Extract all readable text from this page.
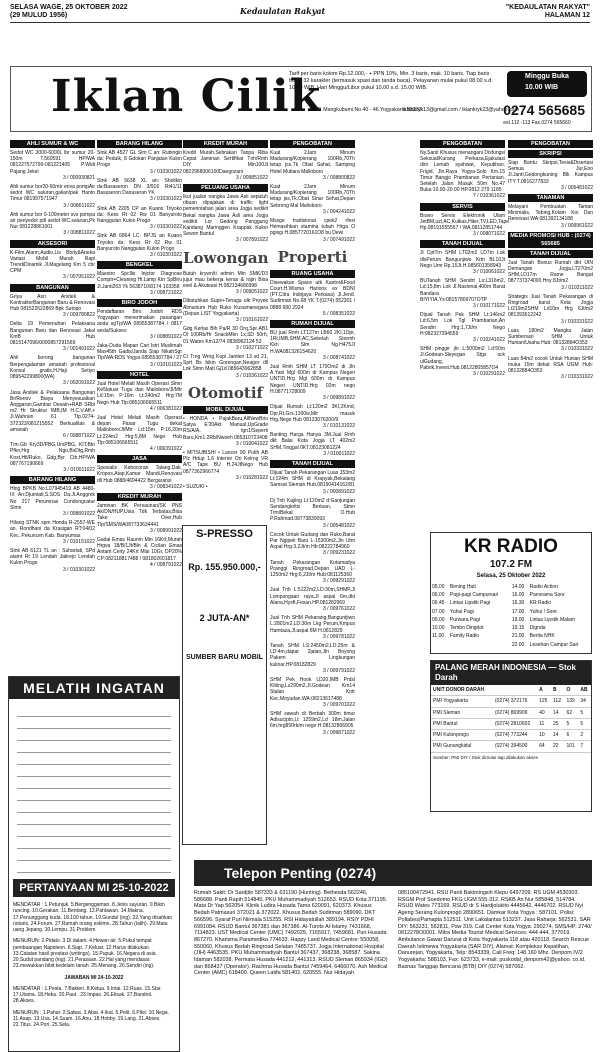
SELASA WAGE, 25 OKTOBER 2022
(29 MULUD 1956)	Kedaulatan Rakyat	"KEDAULATAN RAKYAT"
HALAMAN 12
Iklan Cilik
Tarif per baris kolom Rp.12.000,- + PPN 10%, Min. 3 baris, mak. 10 baris. Tiap baris berisi 32 karakter (termasuk spasi dan tanda baca). Pelayanan mulai pukul 08.00 s.d. 10.00 WIB. Hari Minggu/Libur pukul 10.00 s.d. 15.00 WIB.
Minggu Buka 10.00 WIB
Jl. P. Mangkubumi No.40 - 46 Yogyakarta 55232
iklankryk13@gmail.com / iklankryk23@yahoo.com
0274 565685
ext.112 -113 Fax.0274 565660
AHLI SUMUR & WC
Sedot WC 3000-6000L lbr sumur 20-150m T.560591 HP/WA 081227572790-081221405 P.Widi Pajang Jekel
3 / 000930821
Ahli sumur bor20-60mtr enva pompAir sedot WC saluran,galian/pak Hanto Timur 081997571947
3 / 008611022
Ahli sumur bor 0-100meter svs pompa air penyedot pdl sedot WC,saluran.Pk Nur 081228861001
3 / 008811022
AKSESORI
K-Film,Alarm,Audio,Lis Body&Aneka Variasi Mobil Murah Rapi TrendiDinamik Jl.Magelang Km 5 cbr CPM
3 / 007951022
BANGUNAN
Griya Asri Arsitek & KontraktorBangunan Baru & Renovasi Hub 081522622869 Bpk Sutopo
3 / 009780822
Delta 19 Pemenuhan Pelaksana Bangunan Baru dan Renovasi Jakal KmB Hub 0815147096/0000857291569
3 / 001491022
Ahli borong bangunan Berpengalaman amanah profesional Konsul gratis,H.Haji Setiyo 089542299800(WA)
3 / 002091022
Jasa Arsitek & Pelaksana Bangunan Br/Renov Biaya Menyesuaikan Anggaran,Gambar Desain+RAB SRbi m2 Hr Struktur IMB,IM H.C.V.Aff,+ Ji.Wahrain 61 Tlp.0274-372323/081215552 Berkualitas & amanah
6 / 008871022
Trm.Gb Kry3D/PBG,UrsPBG, KIT,Btn Pfko,Hrg Ngo,BsDtg,Rmh Kost,Htl/Ruko, Gdg,Byr Cth,HP/WA 087767190669
3 / 010011022
BARANG HILANG
Hlng BPKB No:L07945419 AB 4480-IX An:Djumiati,S.SOS Da:Jl.Anggrek No 217 Perumnas Condongcatur Slmn
3 / 008891022
Hilang STNK spm Honda R-2557-WE an. Rondhani da Krasigan RT:04/02 Kec. Pekuncen Kab. Banyumas
3 / 010151022
Stnk AB 6121 TL an : Suhartati, SPd alamt Rt 19 Lendah Jatirejo Lendah Kulon Progo
3 / 010301022
BARANG HILANG
Stnk AB 4527 GL Sim C an: Rubingin da: Pedulk, 8 Gdokan Panjatan Kulon Progo
3 / 010301022
Stnk AB 5638 XL an: Sholikin da:Basaseron DN 3/916 Rt41/11 Basuseron Danuseran YK
3 / 010301022
Stnk AB 2205 CP an Kuano Triyoko da: Kess Rt 02 Rw 01 Banyuroto Nanggulan Kulon Progo
3 / 010301022
Stnk AB 6864 LC. BPJS an Kuano Triyoko da: Kess Rt 02 Rw 01 Banyuroto Nanggulan Kulon Progo
3 / 010301022
BENGKEL
Maestro Spcllis Injctor Diagnose Comptr+Cleaning Hi.Lamp Ktrr SpBiru Jl.Janti263 Yk 5638710\8174 103358
3 / 008721022
BIRO JODOH
Pendaftaran Biro Jodoh RDS Yogyapun menerimakan pasangan anda sgTp/WA 08955387784 / 0817 sesla/Sukses
3 / 008891022
Jaka-Duda Mapan Cari Istri Muslimah Max45th Gadis/Janda Siap NikahSgr Tlp/WA:RDS Yogya 08955387784 / 27
3 / 010161022
HOTEL
Jual Hotel Melati Masih Operasi Slmn Ke5latuar Tugu dan Malioboro/Jl/Mtr Ld:15m P:16m Lt:240m2 Hrg:7M Nego Hub Tlp:085106665511
4 / 006381022
Jual Hotel Melati Masih Operasi depan Pasar Tugu dekat Malioboro/Jl/Mtr Ld:15m P:16,20m Lt:224m2 Hrg:5,8M Nego Hub Tlp:085106665511
4 / 006391022
JASA
Spesialis Kebocoran Talang,Dak, Kropos,Atap,Kamar Mandi,Renovasi dll Hub 0888/4694422 Bergaransi
3 / 008341022
KREDIT MURAH
Jaminan BK Persaunan/SK PNS Ak/DN/HUP,Usia Tdk Terbatas,Bisa Take Over,Hub Tlp/SMS/WA087733634441
3 / 008991022
Gadai Emas Raunm Min 16Krt,Murah Hrgva 18/B/1Jt/Bln & Cicilan Emas Antam Certy 24Krt Mlai 10Gr, DP20% CP:082118817488 / 081802601817
4 / 008791022
KREDIT MURAH
Kredit Murah,Sebrakan Tanpa Riba Cepat Jaminan Sertifikat Tnh/Rmh DIY Min100Jt 0822968006100Daegozani
3 / 009851022
PELUANG USAHA
Ikut jualan nangka Jawa Asli sepuluh ribuan dipajakan di traffic light pemerintahan jalan area Jogja sedikit Bekal nangka Jawa Asli area Jogja sedikit Lor Gedong Panggung Kandang Maringgen Krappak Kulon Sewon Bantul
3 / 007891022
Lowongan
Butuh krywn/ti admin Min SMK/D3 jujur mau bekerja keras & rajin Bisa exel & Akuteasi H.082134686998
3 / 009051022
Dibutuhkan Supir+Tenaga ulk Proyek Almunium Hub Ruko Kusumanegara (Depan LIST Yogyakarta)
3 / 010161022
Gdg Kerlas Blh Pa/R 30 Orq,Spr AB1 Ol 100Rb/Hr SnackMkn 1x,SD 50rh, 01 Wates Km12/74 0838962124 53
3 / 010271022
Cr Trng Wrng Kopi Jamlen 13 sd 21, Sprt Bs bikin Gorengan,Neagor dll Lok Slmn Mati Gj1d 085643962858
3 / 010361022
Otomotif
MOBIL DIJUAL
• HONDA • PajakBaru,AllNewBrio Satya E'20Akt Manual,UpGrade RS/A/A. tgn1/Seperti Baru,Km1.2Rb/Nwoeh 085310723408
3 / 010041022
• MITSUBISHI • Lancer 90 Putih AB Plz Hdup 1.6 Interior Ori Kelrng VR A/C Tape BU H.24JtNego Hub 0877362966774
3 / 010281022
• SUZUKI •
PENGOBATAN
Kuat 2Jam Minum Madurang/Kopierang 100Rb,70Th tetap jss,Tk Obat Sahat, Samping Hotel Mutiara Malioboro
3 / 008800822
Kuat 2Jam Minum Madurang/Kopierang 100Rb,70Th tetap jss,Tk.Obat Sinar Sehat,Depan Sebrong Mal Malioboro
3 / 004241022
Mssge tradisional cpek2 rfexi Hemasihkan stamina tubuh Hrga O pgisgi H.0857720161O8 bu Dewi
3 / 007491022
Properti
RUANG USAHA
Disewakan Space utk Kantor&Food Court.H.Wisma Harloris ex BDNI (PT.Citra Indojaya Perkasa) Jl.Jend. Sudirman No.68 YK T.(0274) 552301 / 0888 680 2924
5 / 008351022
RUMAH DIJUAL
BU jual Rmh LT127m LB60 2KI,1Dpr, 1Rt,IMB,SHM,AC,Sebelah Stormh Kkn Slm Ng.H475JI H.WA081326154620
3 / 008741022
Jual Rmh SHM LT 170Om2 di Jln A.Yani Mgl 600m dr Kampus Negeri UNTID,Hrg Mgl 600m dr Kampus Negeri UNTID.Hrg 02m nego H.08771728009
3 / 009891022
Dijual Rumah Lt:120m2 3KI,2Kmd, Dpr,Rt.Grs.1300w,Mtr masuk Hrg.Nego Hub 08123076200/9
3 / 010131022
Banting Harga Hanya 3M,Jual Rmh dkt Balai Kota Jogja LT 402m2 SHM,Tinggal 0KT.08123081224
3 / 010011022
TANAH DIJUAL
Dijual Tanah Pekarangan Luas 153m2 Lt:124m SHM di Krapyak,Bekalang Samsat Sleman Hub.08190414162/81
3 / 000891022
Dj Tnh Kajiing Lt:120m2 d:Ganjungan Sendangkritis Bertsan, Stmn Trm/Bekal O.Hub P.Rahmad.08773839093
3 / 005481022
Cocok Untuk Gudang dan Ruko,Barat Par Ngipek Baru L-15300m2,Jln Utm Aspal Hrg:3,2Jt/m Hb:08222784960
3 / 009231022
Tanah Pekarangan Kotamadya Pranggi Ringroad,Depan UAD L-1250m2 Hrg:6,2Jt/m Hub:081125360
3 / 009291022
Jual Tnh L:5122m2,LD:30m,SHMP,Jl Lompongaan raya,Jl aspal 6m,dkt Alana,Hysft,Fesan.HP.081282969
3 / 009761022
Jual Tnh SHM Pekarang,Banguntjiwo L:2801m2,LD:30m Lkg Perum,Kmpus Hamtaza,Jl.aspal 6M H.0812829
3 / 009781022
Tanah SHM LS:2450m2,LD:25m & LD:4m,dapat 2jalan,Jln Boyong Pakem Lingkungan kulinar.HP.08182829
3 / 009791022
SHM Pek Hook LD20,IMB Prdsl Kliting,Ls290m2,Jl.Godean Km14 Stalan Kntr Kec.Moyudan.WA:08213617488
3 / 009701022
SHM sawah di Berbah 300m timur Adisucipto,Lt 1259m2,Ld 18m,Jalan 6m,hrg850rb/m nego H.08132806905
3 / 009871022
PENGOBATAN
Ny.Santi Khusus menangani Disfungsi Seksual/Kurang Perkasa,Ejakulasi dini Lemah syahwat, Keputihan, Frigid. Jln.Raya Yogya-Solo Km.15 Timur Bangjo Prambanan Pertanian. Setelah Jalan Masuk 50m No.47 Buka:10.00-20.00 HP.0812 279 1185
7 / 010361022
SERVIS
Bravo Servis Elektronik Ulam JetBM,uzl,AC,Kulkas,Hiter,TV,LED,Tape Hp.08191555557 / WA.08112851744
3 / 008071022
TANAH DIJUAL
Jl CptTrn SHM LT02m2 LD7m Lok dlsPerum Bangunjiwo Krtn BL10Jt Nego Umr Rp.15Jt.H.085601358943
3 / 010061022
BUTanah SHM Sendrt Ls:L316m2, Ld:15,8m Lok Jl.Nasional,400m Barat Bandara BIYIYIA.Ys:08157809707OTP
3 / 010171022
Dijual Tanah Pek SHM Lt:146m2 Ld:6,5m Lok Tgl Prambanan,An Sendiri Hrg:1,7Jt/m Nego H:082327394559
3 / 010241022
SHM pinggir jln L:5000m2 Ld:50m Jl.Godean-Sleyegan Stgs sck ulGudang, Pabrik,Invest.Hub.08122805857O4
3 / 010291022
PENGOBATAN
SKRIPSI
Siap Bantu Skripsi,Tesis&Disertasi Semua Jur,Eno Jl.Janti,Gedongkuning Blk Kampus ITY T.0816277833
3 / 005481022
TANAMAN
Melayani Pembuatan Taman Minimalis, Tebing,Kolam Koi Dan Renovasi WA:081392134188
3 / 009961022
MEDIA PROMOSI HUB : (0274) 565685
TANAH DIJUAL
Jual Tanah Bonus Rumah dkt UIN Demangan Jogja,LT270m2 SHM,LD17m Rame Bangat 087737374000 Hny 8Jt/m2
3 / 010311022
Strategis Jual Tanah Pekarangan di Ringroad barat Kota Jogja Lt219m2SHM Ld10m Hrg 6Jt/m2 081393612242
3 / 010331022
Luas 180m2 Mangku Jalan Sumbersari SHM Untuk Hunian/Usaha Hub: 08132884O353
3 / 010331022
Luas 84m2 cocok Untuk Hunian SHM muka 15m dekat RSA UGM Hub: 08132884O353
3 / 010331022
MELATIH INGATAN
PERTANYAAN MI 25-10-2022

MENDATAR : 1.Petunjuk. 5.Bergenggaman. 8.Jenis sayuran. 9.Bikin runcing. 10.Gerakan. 11.Bentang. 12.Pahlawan. 14.Makna. 17.Penunggang kuda. 18.100 tahun. 19.Gundul (ing). 22.Yang disahkan notaris. 24.Forum. 27.Rumah orang eskimo. 28.Tahun (latih). 29.Mata uang Jepang. 30.Lempu. 31.Problem.

MENURUN: 2.Pidato. 3.Di dalam. 4.Hewan air. 5.Pukul tempat pembuangan Napoleon. 6.Siap. 7.Keluar. 12.Harus dilakukan. 13.Catatan hasil prestasi (writings). 15.Pupuk. 16.Negara di asia. 20.Sudut pandang (ing). 21.Perasaan. 22.Hal yang mendasar. 23.mewukkan bibit kedelam tanah. 25.Menang. 26.Sendiri (ing).

JAWABAN MI 24-10-2022

MENDATAR : 1.Pesta. 7.Bakteri. 8.Ketua. 9.Intai. 12.Ruas. 15.Star. 17.Utama. 18.Heka. 20.Paut . 23.Impas. 26.Eksak. 27.Bandrol. 28.Akses.

MENURUN : 1.Pahar. 2.Satwa. 3.Abai. 4.Ikut. 5.Pelit. 6.Pikir. 10.Nega. 11.Asap. 13.Usa. 14.Suam. 16.Anu. 18.Hobby. 19.Lang. 21.Abses. 22.Titus. 24.Pori. 25.Sela.

S-PRESSO
Rp. 155.950.000,-
2 JUTA-AN*
SUMBER BARU MOBIL
KR RADIO
107.2 FM
Selasa, 25 Oktober 2022
05.00	Bening Hati	14.00	Radio Action
06.00	Pagi-pagi Campursari	16.00	Panorama Sore
06.45	Lintas Lipstik Pagi	16.30	KR Radio
07.00	Yuhui Pagi	17.00	Yuhui ! Sore
09.00	Purwara Pagi	19.00	Lintas Lipstik Malam
10.00	Tembo Dingdot	19.15	Dignda
11.00	Family Radio	21.00	Berita NHK
		22.00	Lesehan Campur Sari
PALANG MERAH INDONESIA — Stok Darah
UNIT DONOR DARAH		A	B	O	AB
PMI Yogyakarta	(0274) 372176	125	112	139	34
PMI Sleman	(0274) 869909	40	14	62	5
PMI Bantul	(0274) 2810602	11	25	5	5
PMI Kulonprogo	(0274) 773244	10	14	6	2
PMI Gunungkidul	(0274) 394500	64	22	101	7
Sumber: PMI DIY / Stok dimulai tiap dilakukan akses
Telepon Penting (0274)
Rumah Sakit: Dr Sardjito 587333 & 631190 (Hunting). Bethesda 562246, 586688. Panti Rapih 514845. PKU Muhammadiyah 512653. RSUD Kota 371195. Mata Dr Yap 562054. Klinik Ludira Husada Tama 620091, 620373. Khusus Bedah Patmasuri 372021 & 372022. Khusus Bedah Sudirman 589090. DKT 566596. Syaraf Puri Nirmala 515255. RSI Hidayatullah 389194. RSIY PDHI 6991084. RSUD Bantul 367381 dan 367386. Al-Turots Al-Islamy 7431668, 7114823. UST Medical Center (UMC) 7492025, 7165917, 7459681. Puri Husada 867270. Kharisma Paramedika 774633. Happy Land Medical Centre: 550058, 550060. Khusus Bedah Ringroad Selatan 7485737. Jogja International Hospital (JIH) 4463535. PKU Muhammadiyah Bantul 367437, 368238, 368587. Sakina Idaman 582038. Permata Husada 441212, 441313. RSUD Sleman 865934 (IGD) dan 868437 (Operator). Rachma Husada Bantul 7459464, 6466070. Ash Medical Center (AMC) 618400. Queen Latifa 581402, 620555. Nur Hidayah 085100472941. RSU Panti Baktiningsih Klepu 6497209. RS UGM 4530303. RSGM Prof Soedomo FKG UGM 555-312. RSKB An Nur 585848, 514784. RSUD Wates 773169. RSUD dr S Hardjolukito 4445642, 4446702. RSUD Nyi Ageng Serang Kulonprogo 2890651. Damkar Kota Yogya : 587101. Polisi: Poltabes/Pamapta 512511. Unit Lakalantas 513237. Jasa Raharja: 562531. SAR DIY: 563231, 562811, Psw 319. Call Center Kota Yogya: 290274, SMS/HP: 2740/ 0812278O0001. Mitra Media Tourist Medical Services: 444 444, 377019. Ambulance Gawat Darurat di Kota Yogyakarta 118 atau 420118. Search Rescue Daerah Istimewa Yogyakarta (SAR DIY), Alamat: Komplekss Kepatihan, Danurejan, Yogyakarta, Telp: 8543339, Call Freq: 148.160 Mhz. Denpom IV/2 Yogyakarta: 588103, Fax: 623733, e-mail: puskodal_denpom42@yahoo. co.id. Basnas Tanggap Bencana (BTB) DIY (0274) 587062.
